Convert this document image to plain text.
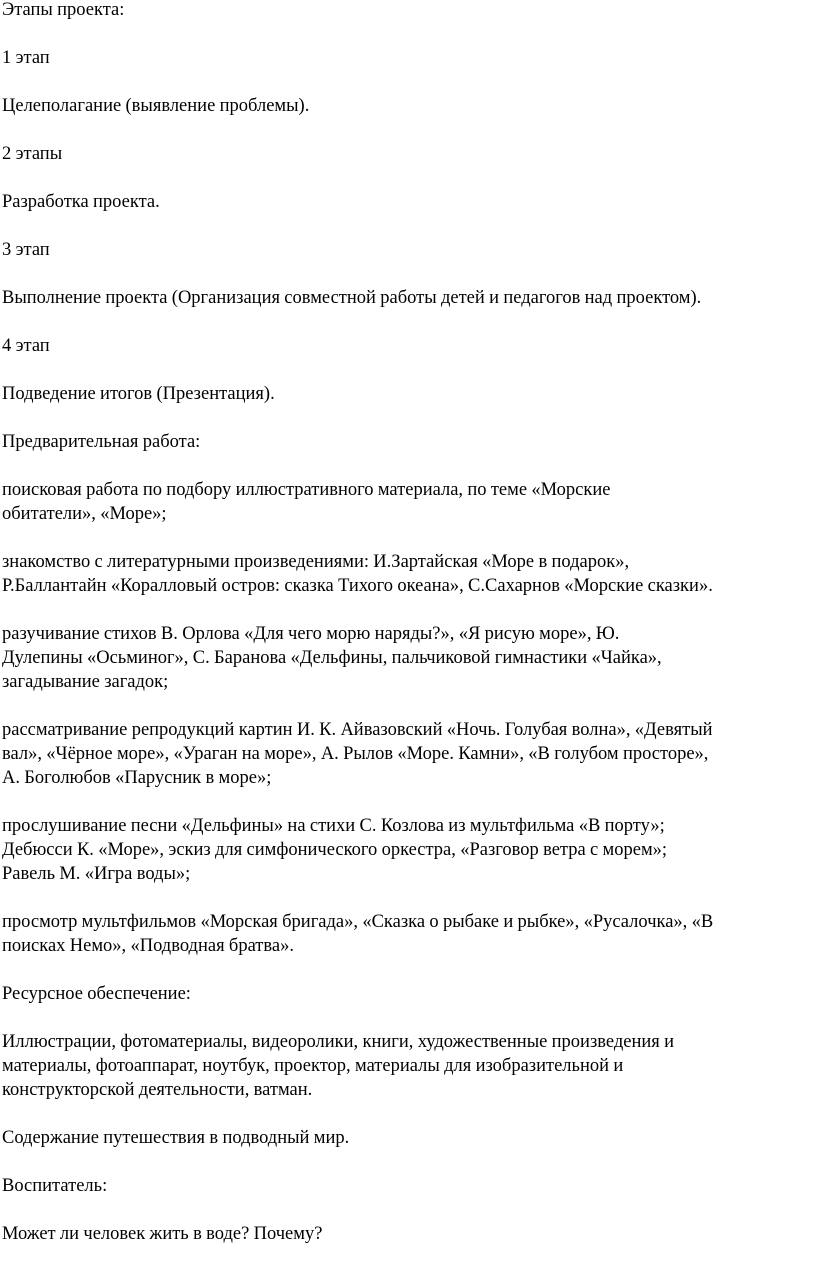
Этапы проекта:
1 этап
Целеполагание (выявление проблемы).
2 этапы
Разработка проекта.
3 этап
Выполнение проекта (Организация совместной работы детей и педагогов над проектом).
4 этап
Подведение итогов (Презентация).
Предварительная работа:
поисковая работа по подбору иллюстративного материала, по теме «Морские
обитатели», «Море»;
знакомство с литературными произведениями: И.Зартайская «Море в подарок»,
Р.Баллантайн «Коралловый остров: сказка Тихого океана», С.Сахарнов «Морские сказки».
разучивание стихов В. Орлова «Для чего морю наряды?», «Я рисую море», Ю.
Дулепины «Осьминог», С. Баранова «Дельфины, пальчиковой гимнастики «Чайка»,
загадывание загадок;
рассматривание репродукций картин И. К. Айвазовский «Ночь. Голубая волна», «Девятый
вал», «Чёрное море», «Ураган на море», А. Рылов «Море. Камни», «В голубом просторе»,
А. Боголюбов «Парусник в море»;
прослушивание песни «Дельфины» на стихи С. Козлова из мультфильма «В порту»;
Дебюсси К. «Море», эскиз для симфонического оркестра, «Разговор ветра с морем»;
Равель М. «Игра воды»;
просмотр мультфильмов «Морская бригада», «Сказка о рыбаке и рыбке», «Русалочка», «В
поисках Немо», «Подводная братва».
Ресурсное обеспечение:
Иллюстрации, фотоматериалы, видеоролики, книги, художественные произведения и
материалы, фотоаппарат, ноутбук, проектор, материалы для изобразительной и
конструкторской деятельности, ватман.
Содержание путешествия в подводный мир.
Воспитатель:
Может ли человек жить в воде? Почему?
